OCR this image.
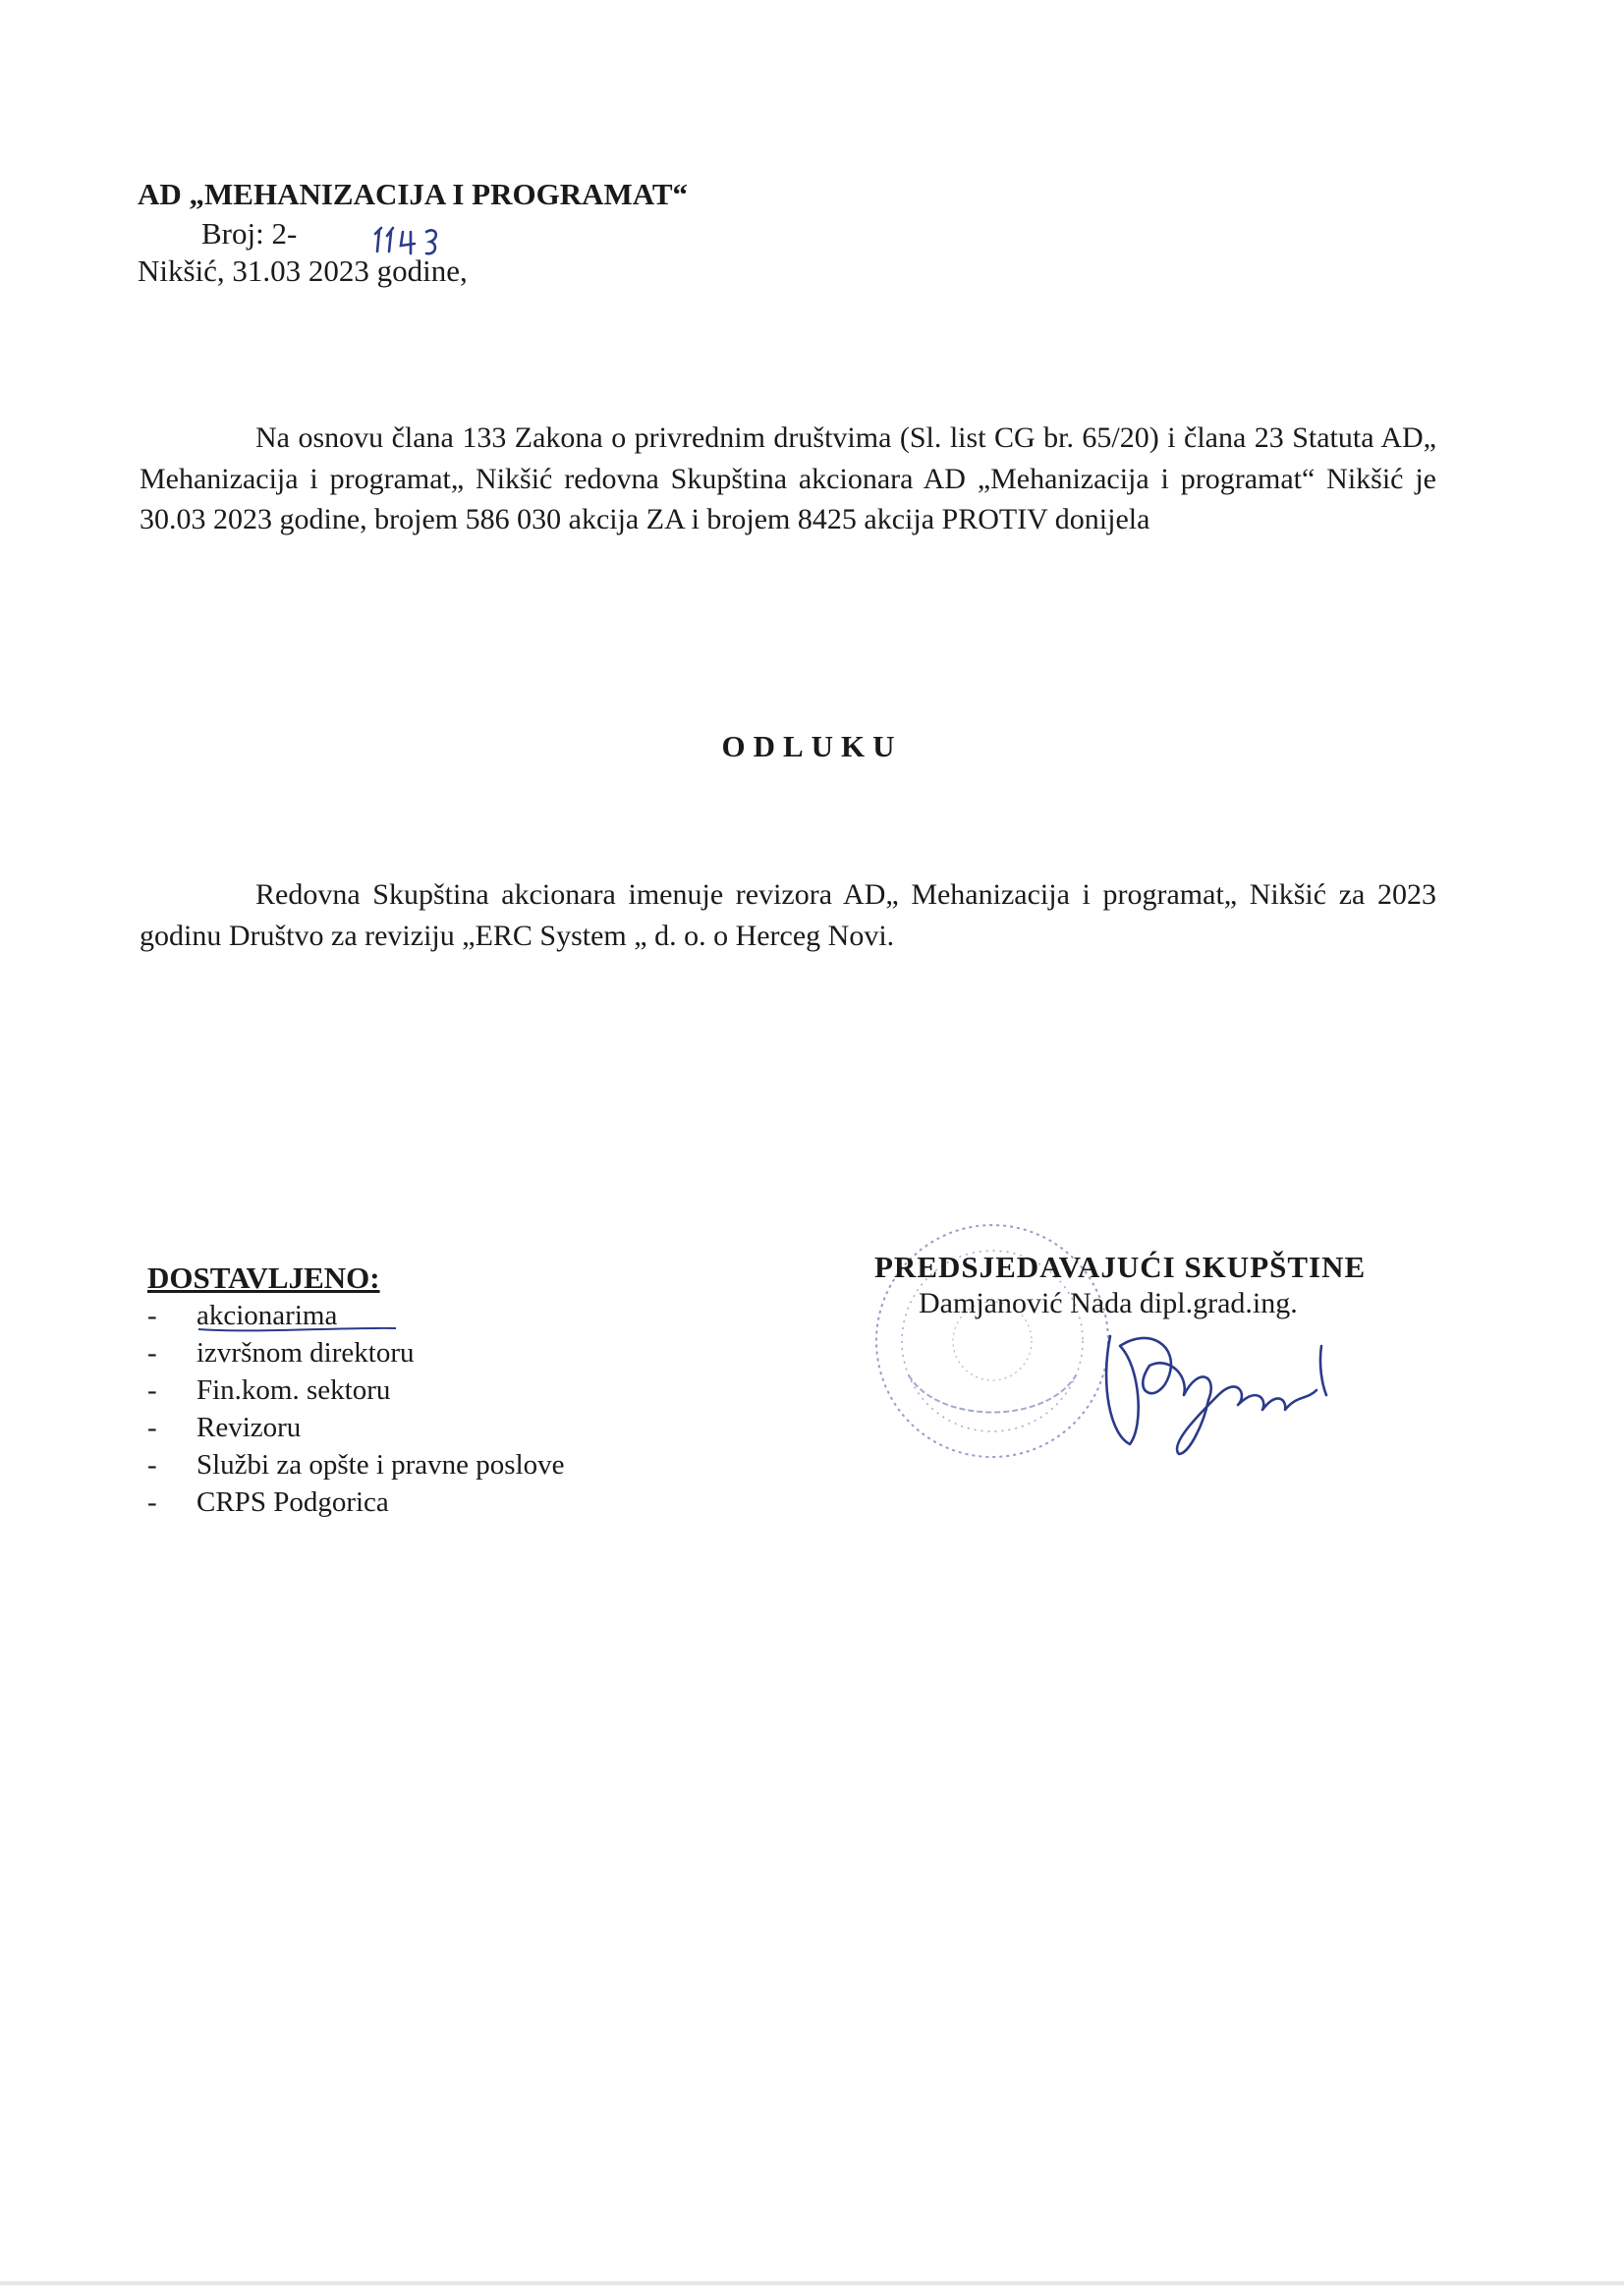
AD „MEHANIZACIJA I PROGRAMAT“
Broj: 2-
Nikšić, 31.03 2023 godine,
Na osnovu člana 133 Zakona o privrednim društvima (Sl. list CG br. 65/20) i člana 23 Statuta AD„ Mehanizacija i programat„ Nikšić redovna Skupština akcionara AD „Mehanizacija i programat“ Nikšić je 30.03 2023 godine, brojem 586 030 akcija ZA i brojem 8425 akcija PROTIV donijela
ODLUKU
Redovna Skupština akcionara imenuje revizora AD„ Mehanizacija i programat„ Nikšić za 2023 godinu Društvo za reviziju „ERC System „ d. o. o Herceg Novi.
DOSTAVLJENO:
- akcionarima
- izvršnom direktoru
- Fin.kom. sektoru
- Revizoru
- Službi za opšte i pravne poslove
- CRPS Podgorica
PREDSJEDAVAJUĆI SKUPŠTINE
Damjanović Nada dipl.grad.ing.
